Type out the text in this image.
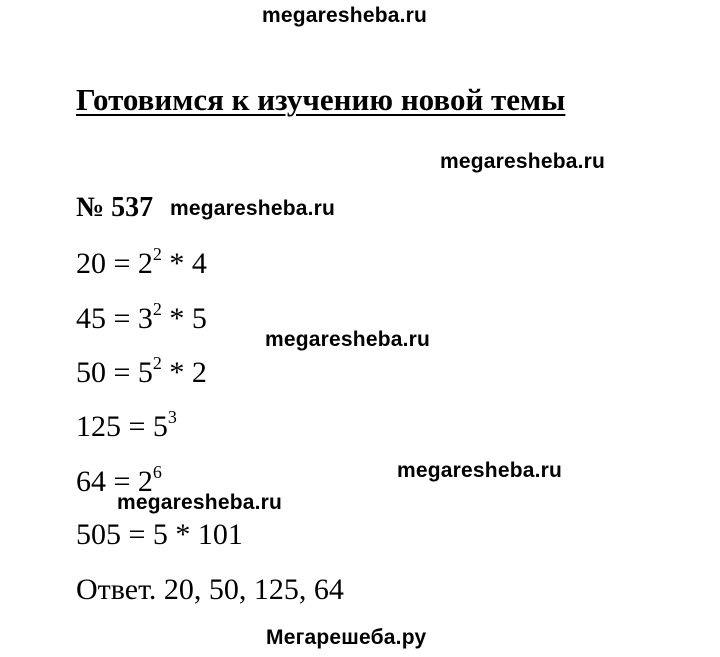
megaresheba.ru
Готовимся к изучению новой темы
megaresheba.ru
№ 537 megaresheba.ru
$20 = 2^2 * 4$
$45 = 3^2 * 5$
megaresheba.ru
$50 = 5^2 * 2$
$125 = 5^3$
megaresheba.ru
$64 = 2^6$
megaresheba.ru
505 = 5 * 101
Ответ. 20, 50, 125, 64
Мегарешеба.ру
